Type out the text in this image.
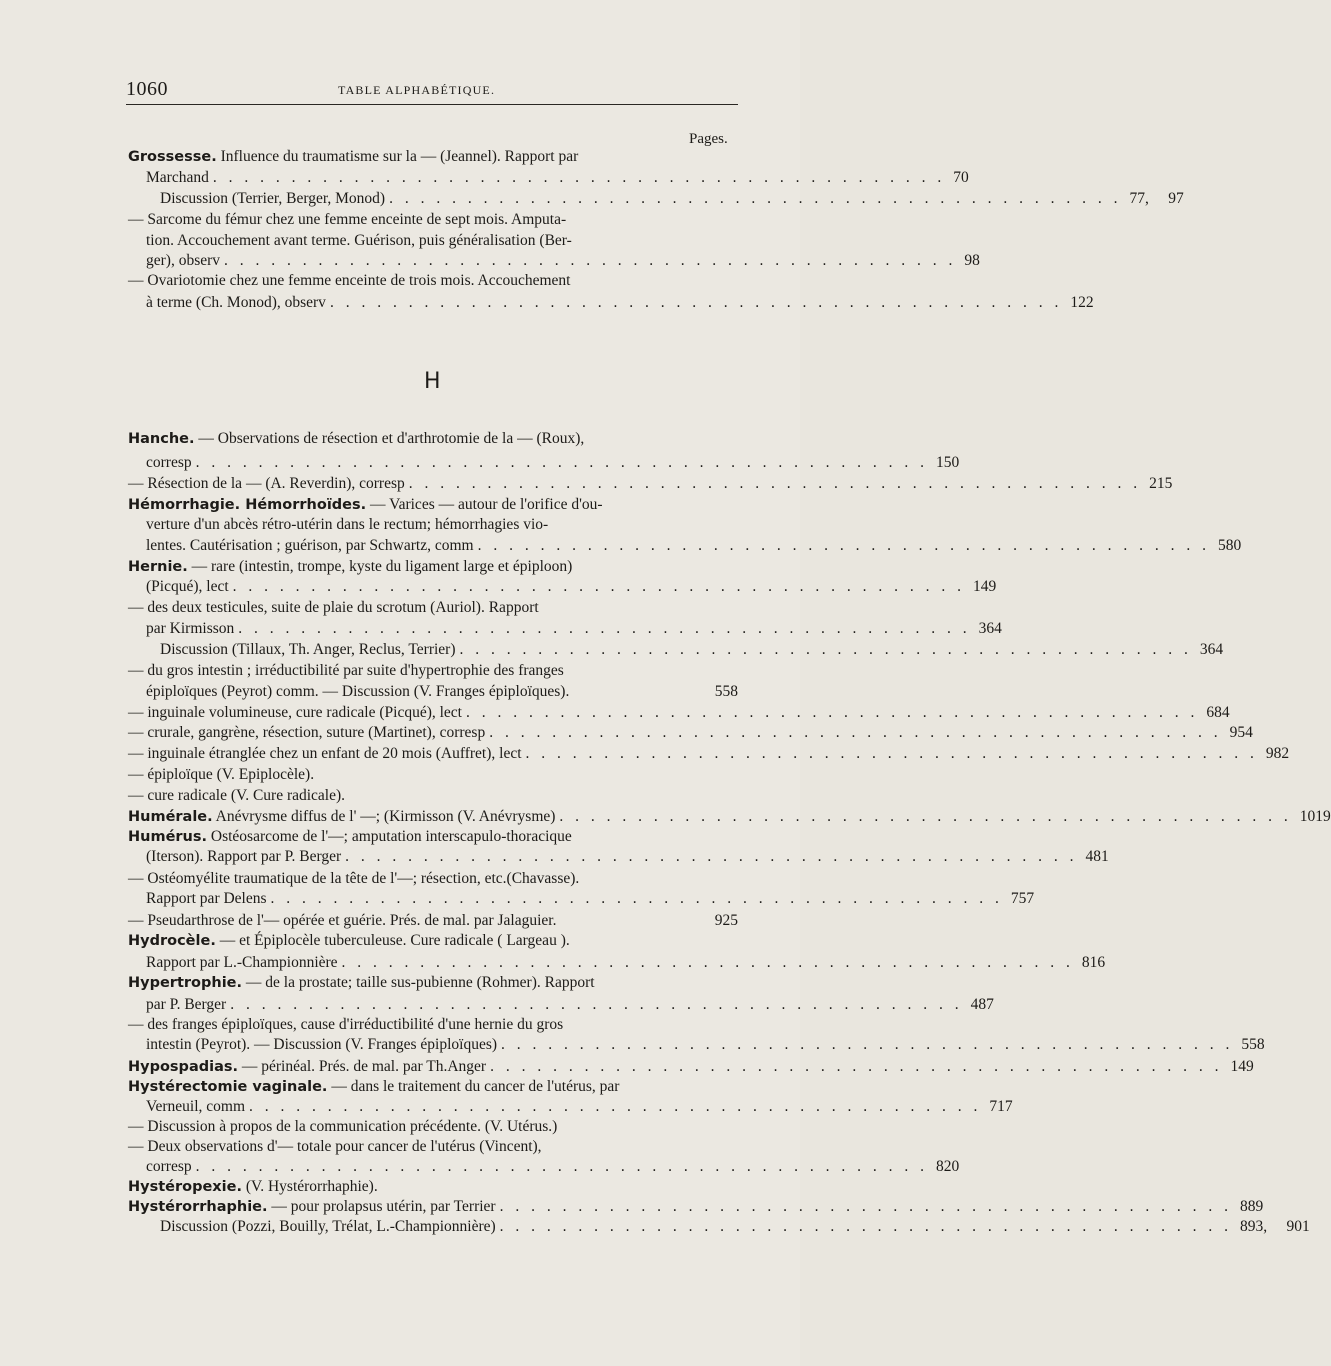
1060	TABLE ALPHABÉTIQUE.
Pages.
H
Grossesse. Influence du traumatisme sur la — (Jeannel). Rapport par
Marchand . . . . . . . . . . . . . . . . . . . . . . . . . . . . . . . . . . . . . . . . . . . . . . . 70
Discussion (Terrier, Berger, Monod) . . . . . . . . . . . . . . . . . . . . . . . . . . . . . . . . . . . . . . . . . . . . . . . 77,     97
— Sarcome du fémur chez une femme enceinte de sept mois. Amputa-
tion. Accouchement avant terme. Guérison, puis généralisation (Ber-
ger), observ . . . . . . . . . . . . . . . . . . . . . . . . . . . . . . . . . . . . . . . . . . . . . . . 98
— Ovariotomie chez une femme enceinte de trois mois. Accouchement
à terme (Ch. Monod), observ . . . . . . . . . . . . . . . . . . . . . . . . . . . . . . . . . . . . . . . . . . . . . . . 122
Hanche. — Observations de résection et d'arthrotomie de la — (Roux),
corresp . . . . . . . . . . . . . . . . . . . . . . . . . . . . . . . . . . . . . . . . . . . . . . . 150
— Résection de la — (A. Reverdin), corresp . . . . . . . . . . . . . . . . . . . . . . . . . . . . . . . . . . . . . . . . . . . . . . . 215
Hémorrhagie. Hémorrhoïdes. — Varices — autour de l'orifice d'ou-
verture d'un abcès rétro-utérin dans le rectum; hémorrhagies vio-
lentes. Cautérisation ; guérison, par Schwartz, comm . . . . . . . . . . . . . . . . . . . . . . . . . . . . . . . . . . . . . . . . . . . . . . . 580
Hernie. — rare (intestin, trompe, kyste du ligament large et épiploon)
(Picqué), lect . . . . . . . . . . . . . . . . . . . . . . . . . . . . . . . . . . . . . . . . . . . . . . . 149
— des deux testicules, suite de plaie du scrotum (Auriol). Rapport
par Kirmisson . . . . . . . . . . . . . . . . . . . . . . . . . . . . . . . . . . . . . . . . . . . . . . . 364
Discussion (Tillaux, Th. Anger, Reclus, Terrier) . . . . . . . . . . . . . . . . . . . . . . . . . . . . . . . . . . . . . . . . . . . . . . . 364
— du gros intestin ; irréductibilité par suite d'hypertrophie des franges
épiploïques (Peyrot) comm. — Discussion (V. Franges épiploïques).	558
— inguinale volumineuse, cure radicale (Picqué), lect . . . . . . . . . . . . . . . . . . . . . . . . . . . . . . . . . . . . . . . . . . . . . . . 684
— crurale, gangrène, résection, suture (Martinet), corresp . . . . . . . . . . . . . . . . . . . . . . . . . . . . . . . . . . . . . . . . . . . . . . . 954
— inguinale étranglée chez un enfant de 20 mois (Auffret), lect . . . . . . . . . . . . . . . . . . . . . . . . . . . . . . . . . . . . . . . . . . . . . . . 982
— épiploïque (V. Epiplocèle).
— cure radicale (V. Cure radicale).
Humérale. Anévrysme diffus de l' —; (Kirmisson (V. Anévrysme) . . . . . . . . . . . . . . . . . . . . . . . . . . . . . . . . . . . . . . . . . . . . . . . 1019
Humérus. Ostéosarcome de l'—; amputation interscapulo-thoracique
(Iterson). Rapport par P. Berger . . . . . . . . . . . . . . . . . . . . . . . . . . . . . . . . . . . . . . . . . . . . . . . 481
— Ostéomyélite traumatique de la tête de l'—; résection, etc.(Chavasse).
Rapport par Delens . . . . . . . . . . . . . . . . . . . . . . . . . . . . . . . . . . . . . . . . . . . . . . . 757
— Pseudarthrose de l'— opérée et guérie. Prés. de mal. par Jalaguier.	925
Hydrocèle. — et Épiplocèle tuberculeuse. Cure radicale ( Largeau ).
Rapport par L.-Championnière . . . . . . . . . . . . . . . . . . . . . . . . . . . . . . . . . . . . . . . . . . . . . . . 816
Hypertrophie. — de la prostate; taille sus-pubienne (Rohmer). Rapport
par P. Berger . . . . . . . . . . . . . . . . . . . . . . . . . . . . . . . . . . . . . . . . . . . . . . . 487
— des franges épiploïques, cause d'irréductibilité d'une hernie du gros
intestin (Peyrot). — Discussion (V. Franges épiploïques) . . . . . . . . . . . . . . . . . . . . . . . . . . . . . . . . . . . . . . . . . . . . . . . 558
Hypospadias. — périnéal. Prés. de mal. par Th.Anger . . . . . . . . . . . . . . . . . . . . . . . . . . . . . . . . . . . . . . . . . . . . . . . 149
Hystérectomie vaginale. — dans le traitement du cancer de l'utérus, par
Verneuil, comm . . . . . . . . . . . . . . . . . . . . . . . . . . . . . . . . . . . . . . . . . . . . . . . 717
— Discussion à propos de la communication précédente. (V. Utérus.)
— Deux observations d'— totale pour cancer de l'utérus (Vincent),
corresp . . . . . . . . . . . . . . . . . . . . . . . . . . . . . . . . . . . . . . . . . . . . . . . 820
Hystéropexie. (V. Hystérorrhaphie).
Hystérorrhaphie. — pour prolapsus utérin, par Terrier . . . . . . . . . . . . . . . . . . . . . . . . . . . . . . . . . . . . . . . . . . . . . . . 889
Discussion (Pozzi, Bouilly, Trélat, L.-Championnière) . . . . . . . . . . . . . . . . . . . . . . . . . . . . . . . . . . . . . . . . . . . . . . . 893,     901
